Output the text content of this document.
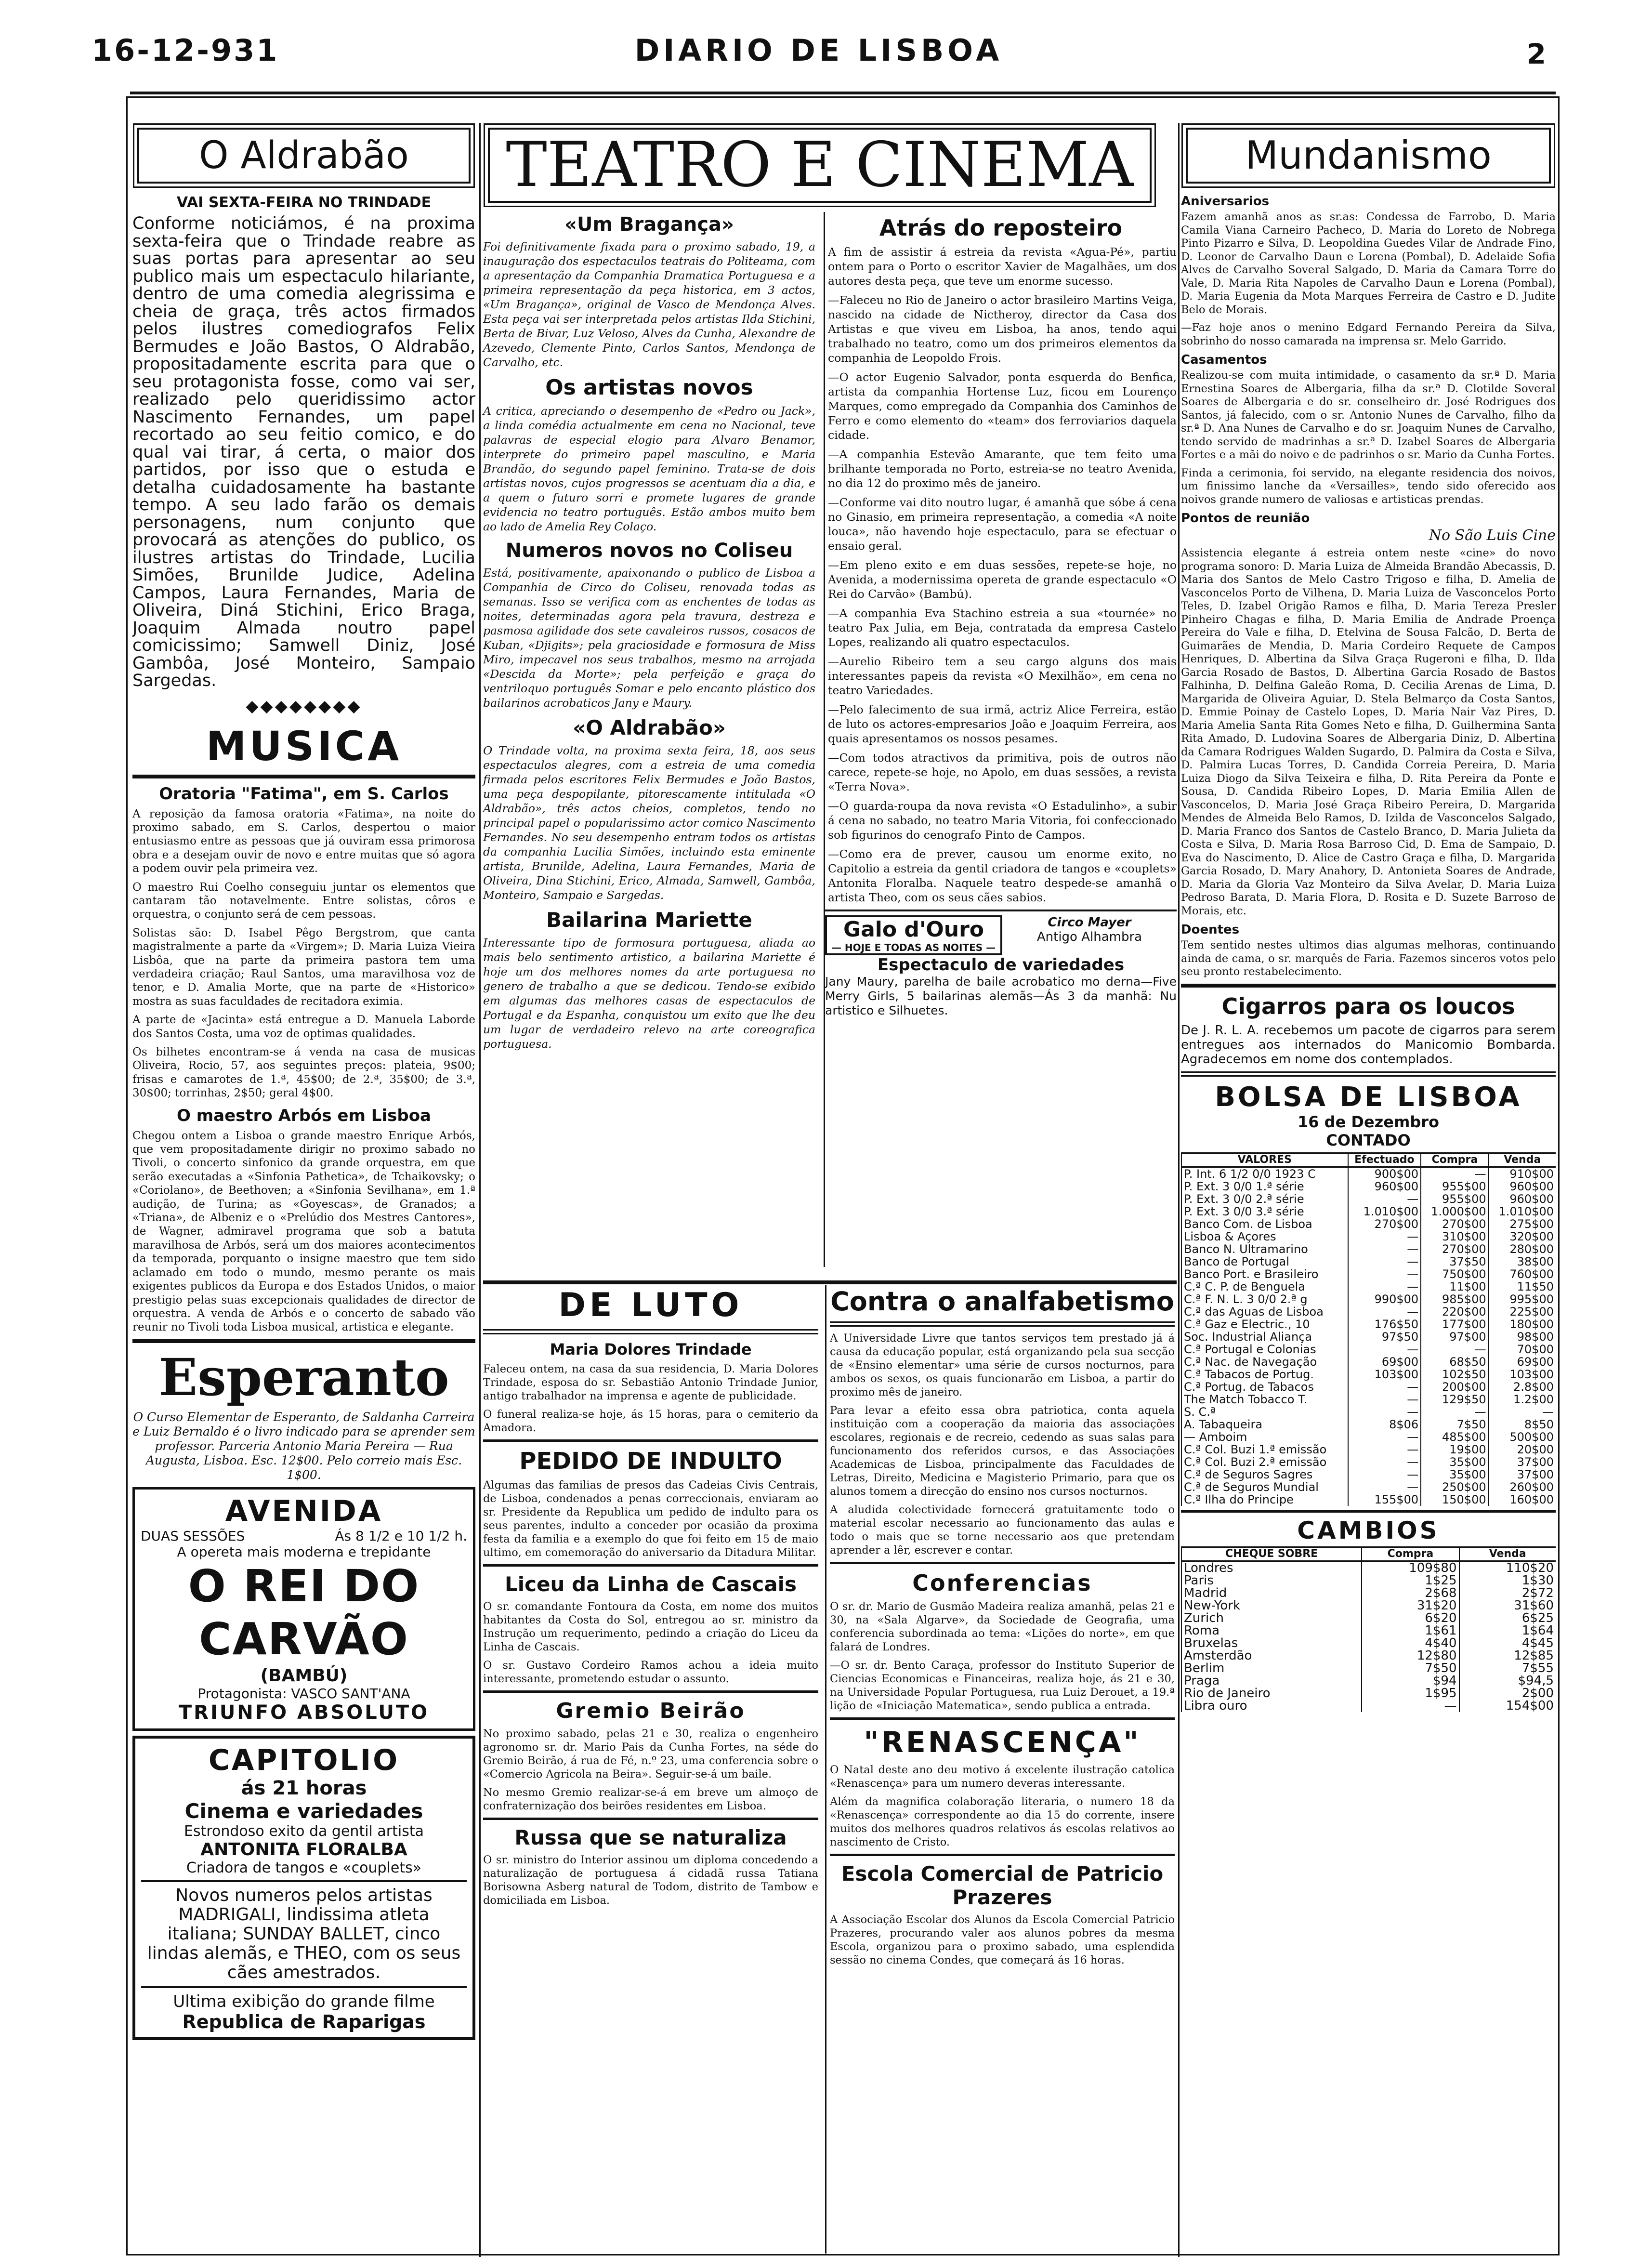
16-12-931	DIARIO DE LISBOA	2
O Aldrabão
VAI SEXTA-FEIRA NO TRINDADE

Conforme noticiámos, é na proxima sexta-feira que o Trindade reabre as suas portas para apresentar ao seu publico mais um espectaculo hilariante, dentro de uma comedia alegrissima e cheia de graça, três actos firmados pelos ilustres comediografos Felix Bermudes e João Bastos, O Aldrabão, propositadamente escrita para que o seu protagonista fosse, como vai ser, realizado pelo queridissimo actor Nascimento Fernandes, um papel recortado ao seu feitio comico, e do qual vai tirar, á certa, o maior dos partidos, por isso que o estuda e detalha cuidadosamente ha bastante tempo. A seu lado farão os demais personagens, num conjunto que provocará as atenções do publico, os ilustres artistas do Trindade, Lucilia Simões, Brunilde Judice, Adelina Campos, Laura Fernandes, Maria de Oliveira, Diná Stichini, Erico Braga, Joaquim Almada noutro papel comicissimo; Samwell Diniz, José Gambôa, José Monteiro, Sampaio Sargedas.

◆◆◆◆◆◆◆◆
MUSICA
Oratoria "Fatima", em S. Carlos

A reposição da famosa oratoria «Fatima», na noite do proximo sabado, em S. Carlos, despertou o maior entusiasmo entre as pessoas que já ouviram essa primorosa obra e a desejam ouvir de novo e entre muitas que só agora a podem ouvir pela primeira vez.

O maestro Rui Coelho conseguiu juntar os elementos que cantaram tão notavelmente. Entre solistas, côros e orquestra, o conjunto será de cem pessoas.

Solistas são: D. Isabel Pêgo Bergstrom, que canta magistralmente a parte da «Virgem»; D. Maria Luiza Vieira Lisbôa, que na parte da primeira pastora tem uma verdadeira criação; Raul Santos, uma maravilhosa voz de tenor, e D. Amalia Morte, que na parte de «Historico» mostra as suas faculdades de recitadora eximia.

A parte de «Jacinta» está entregue a D. Manuela Laborde dos Santos Costa, uma voz de optimas qualidades.

Os bilhetes encontram-se á venda na casa de musicas Oliveira, Rocio, 57, aos seguintes preços: plateia, 9$00; frisas e camarotes de 1.ª, 45$00; de 2.ª, 35$00; de 3.ª, 30$00; torrinhas, 2$50; geral 4$00.

O maestro Arbós em Lisboa

Chegou ontem a Lisboa o grande maestro Enrique Arbós, que vem propositadamente dirigir no proximo sabado no Tivoli, o concerto sinfonico da grande orquestra, em que serão executadas a «Sinfonia Pathetica», de Tchaikovsky; o «Coriolano», de Beethoven; a «Sinfonia Sevilhana», em 1.ª audição, de Turina; as «Goyescas», de Granados; a «Triana», de Albeniz e o «Prelúdio dos Mestres Cantores», de Wagner, admiravel programa que sob a batuta maravilhosa de Arbós, será um dos maiores acontecimentos da temporada, porquanto o insigne maestro que tem sido aclamado em todo o mundo, mesmo perante os mais exigentes publicos da Europa e dos Estados Unidos, o maior prestigio pelas suas excepcionais qualidades de director de orquestra. A venda de Arbós e o concerto de sabado vão reunir no Tivoli toda Lisboa musical, artistica e elegante.

Esperanto

O Curso Elementar de Esperanto, de Saldanha Carreira e Luiz Bernaldo é o livro indicado para se aprender sem professor. Parceria Antonio Maria Pereira — Rua Augusta, Lisboa. Esc. 12$00. Pelo correio mais Esc. 1$00.

AVENIDA
DUAS SESSÕES	Ás 8 1/2 e 10 1/2 h.
A opereta mais moderna e trepidante
O REI DO CARVÃO
(BAMBÚ)
Protagonista: VASCO SANT'ANA
TRIUNFO ABSOLUTO
CAPITOLIO
ás 21 horas
Cinema e variedades
Estrondoso exito da gentil artista
ANTONITA FLORALBA
Criadora de tangos e «couplets»
Novos numeros pelos artistas MADRIGALI, lindissima atleta italiana; SUNDAY BALLET, cinco lindas alemãs, e THEO, com os seus cães amestrados.
Ultima exibição do grande filme
Republica de Raparigas
TEATRO E CINEMA
«Um Bragança»

Foi definitivamente fixada para o proximo sabado, 19, a inauguração dos espectaculos teatrais do Politeama, com a apresentação da Companhia Dramatica Portuguesa e a primeira representação da peça historica, em 3 actos, «Um Bragança», original de Vasco de Mendonça Alves. Esta peça vai ser interpretada pelos artistas Ilda Stichini, Berta de Bivar, Luz Veloso, Alves da Cunha, Alexandre de Azevedo, Clemente Pinto, Carlos Santos, Mendonça de Carvalho, etc.

Os artistas novos

A critica, apreciando o desempenho de «Pedro ou Jack», a linda comédia actualmente em cena no Nacional, teve palavras de especial elogio para Alvaro Benamor, interprete do primeiro papel masculino, e Maria Brandão, do segundo papel feminino. Trata-se de dois artistas novos, cujos progressos se acentuam dia a dia, e a quem o futuro sorri e promete lugares de grande evidencia no teatro português. Estão ambos muito bem ao lado de Amelia Rey Colaço.

Numeros novos no Coliseu

Está, positivamente, apaixonando o publico de Lisboa a Companhia de Circo do Coliseu, renovada todas as semanas. Isso se verifica com as enchentes de todas as noites, determinadas agora pela travura, destreza e pasmosa agilidade dos sete cavaleiros russos, cosacos de Kuban, «Djigits»; pela graciosidade e formosura de Miss Miro, impecavel nos seus trabalhos, mesmo na arrojada «Descida da Morte»; pela perfeição e graça do ventriloquo português Somar e pelo encanto plástico dos bailarinos acrobaticos Jany e Maury.

«O Aldrabão»

O Trindade volta, na proxima sexta feira, 18, aos seus espectaculos alegres, com a estreia de uma comedia firmada pelos escritores Felix Bermudes e João Bastos, uma peça despopilante, pitorescamente intitulada «O Aldrabão», três actos cheios, completos, tendo no principal papel o popularissimo actor comico Nascimento Fernandes. No seu desempenho entram todos os artistas da companhia Lucilia Simões, incluindo esta eminente artista, Brunilde, Adelina, Laura Fernandes, Maria de Oliveira, Dina Stichini, Erico, Almada, Samwell, Gambôa, Monteiro, Sampaio e Sargedas.

Bailarina Mariette

Interessante tipo de formosura portuguesa, aliada ao mais belo sentimento artistico, a bailarina Mariette é hoje um dos melhores nomes da arte portuguesa no genero de trabalho a que se dedicou. Tendo-se exibido em algumas das melhores casas de espectaculos de Portugal e da Espanha, conquistou um exito que lhe deu um lugar de verdadeiro relevo na arte coreografica portuguesa.

Atrás do reposteiro

A fim de assistir á estreia da revista «Agua-Pé», partiu ontem para o Porto o escritor Xavier de Magalhães, um dos autores desta peça, que teve um enorme sucesso.

—Faleceu no Rio de Janeiro o actor brasileiro Martins Veiga, nascido na cidade de Nictheroy, director da Casa dos Artistas e que viveu em Lisboa, ha anos, tendo aqui trabalhado no teatro, como um dos primeiros elementos da companhia de Leopoldo Frois.

—O actor Eugenio Salvador, ponta esquerda do Benfica, artista da companhia Hortense Luz, ficou em Lourenço Marques, como empregado da Companhia dos Caminhos de Ferro e como elemento do «team» dos ferroviarios daquela cidade.

—A companhia Estevão Amarante, que tem feito uma brilhante temporada no Porto, estreia-se no teatro Avenida, no dia 12 do proximo mês de janeiro.

—Conforme vai dito noutro lugar, é amanhã que sóbe á cena no Ginasio, em primeira representação, a comedia «A noite louca», não havendo hoje espectaculo, para se efectuar o ensaio geral.

—Em pleno exito e em duas sessões, repete-se hoje, no Avenida, a modernissima opereta de grande espectaculo «O Rei do Carvão» (Bambú).

—A companhia Eva Stachino estreia a sua «tournée» no teatro Pax Julia, em Beja, contratada da empresa Castelo Lopes, realizando ali quatro espectaculos.

—Aurelio Ribeiro tem a seu cargo alguns dos mais interessantes papeis da revista «O Mexilhão», em cena no teatro Variedades.

—Pelo falecimento de sua irmã, actriz Alice Ferreira, estão de luto os actores-empresarios João e Joaquim Ferreira, aos quais apresentamos os nossos pesames.

—Com todos atractivos da primitiva, pois de outros não carece, repete-se hoje, no Apolo, em duas sessões, a revista «Terra Nova».

—O guarda-roupa da nova revista «O Estadulinho», a subir á cena no sabado, no teatro Maria Vitoria, foi confeccionado sob figurinos do cenografo Pinto de Campos.

—Como era de prever, causou um enorme exito, no Capitolio a estreia da gentil criadora de tangos e «couplets» Antonita Floralba. Naquele teatro despede-se amanhã o artista Theo, com os seus cães sabios.

Galo d'Ouro
— HOJE E TODAS AS NOITES —
Circo Mayer
Antigo Alhambra
Espectaculo de variedades

Jany Maury, parelha de baile acrobatico mo derna—Five Merry Girls, 5 bailarinas alemãs—Ás 3 da manhã: Nu artistico e Silhuetes.

DE LUTO
Maria Dolores Trindade

Faleceu ontem, na casa da sua residencia, D. Maria Dolores Trindade, esposa do sr. Sebastião Antonio Trindade Junior, antigo trabalhador na imprensa e agente de publicidade.

O funeral realiza-se hoje, ás 15 horas, para o cemiterio da Amadora.

PEDIDO DE INDULTO

Algumas das familias de presos das Cadeias Civis Centrais, de Lisboa, condenados a penas correccionais, enviaram ao sr. Presidente da Republica um pedido de indulto para os seus parentes, indulto a conceder por ocasião da proxima festa da familia e a exemplo do que foi feito em 15 de maio ultimo, em comemoração do aniversario da Ditadura Militar.

Liceu da Linha de Cascais

O sr. comandante Fontoura da Costa, em nome dos muitos habitantes da Costa do Sol, entregou ao sr. ministro da Instrução um requerimento, pedindo a criação do Liceu da Linha de Cascais.

O sr. Gustavo Cordeiro Ramos achou a ideia muito interessante, prometendo estudar o assunto.

Gremio Beirão

No proximo sabado, pelas 21 e 30, realiza o engenheiro agronomo sr. dr. Mario Pais da Cunha Fortes, na séde do Gremio Beirão, á rua de Fé, n.º 23, uma conferencia sobre o «Comercio Agricola na Beira». Seguir-se-á um baile.

No mesmo Gremio realizar-se-á em breve um almoço de confraternização dos beirões residentes em Lisboa.

Russa que se naturaliza

O sr. ministro do Interior assinou um diploma concedendo a naturalização de portuguesa á cidadã russa Tatiana Borisowna Asberg natural de Todom, distrito de Tambow e domiciliada em Lisboa.

Contra o analfabetismo

A Universidade Livre que tantos serviços tem prestado já á causa da educação popular, está organizando pela sua secção de «Ensino elementar» uma série de cursos nocturnos, para ambos os sexos, os quais funcionarão em Lisboa, a partir do proximo mês de janeiro.

Para levar a efeito essa obra patriotica, conta aquela instituição com a cooperação da maioria das associações escolares, regionais e de recreio, cedendo as suas salas para funcionamento dos referidos cursos, e das Associações Academicas de Lisboa, principalmente das Faculdades de Letras, Direito, Medicina e Magisterio Primario, para que os alunos tomem a direcção do ensino nos cursos nocturnos.

A aludida colectividade fornecerá gratuitamente todo o material escolar necessario ao funcionamento das aulas e todo o mais que se torne necessario aos que pretendam aprender a lêr, escrever e contar.

Conferencias

O sr. dr. Mario de Gusmão Madeira realiza amanhã, pelas 21 e 30, na «Sala Algarve», da Sociedade de Geografia, uma conferencia subordinada ao tema: «Lições do norte», em que falará de Londres.

—O sr. dr. Bento Caraça, professor do Instituto Superior de Ciencias Economicas e Financeiras, realiza hoje, ás 21 e 30, na Universidade Popular Portuguesa, rua Luiz Derouet, a 19.ª lição de «Iniciação Matematica», sendo publica a entrada.

"RENASCENÇA"

O Natal deste ano deu motivo á excelente ilustração catolica «Renascença» para um numero deveras interessante.

Além da magnifica colaboração literaria, o numero 18 da «Renascença» correspondente ao dia 15 do corrente, insere muitos dos melhores quadros relativos ás escolas relativos ao nascimento de Cristo.

Escola Comercial de Patricio Prazeres

A Associação Escolar dos Alunos da Escola Comercial Patricio Prazeres, procurando valer aos alunos pobres da mesma Escola, organizou para o proximo sabado, uma esplendida sessão no cinema Condes, que começará ás 16 horas.

Mundanismo
Aniversarios

Fazem amanhã anos as sr.as: Condessa de Farrobo, D. Maria Camila Viana Carneiro Pacheco, D. Maria do Loreto de Nobrega Pinto Pizarro e Silva, D. Leopoldina Guedes Vilar de Andrade Fino, D. Leonor de Carvalho Daun e Lorena (Pombal), D. Adelaide Sofia Alves de Carvalho Soveral Salgado, D. Maria da Camara Torre do Vale, D. Maria Rita Napoles de Carvalho Daun e Lorena (Pombal), D. Maria Eugenia da Mota Marques Ferreira de Castro e D. Judite Belo de Morais.

—Faz hoje anos o menino Edgard Fernando Pereira da Silva, sobrinho do nosso camarada na imprensa sr. Melo Garrido.

Casamentos

Realizou-se com muita intimidade, o casamento da sr.ª D. Maria Ernestina Soares de Albergaria, filha da sr.ª D. Clotilde Soveral Soares de Albergaria e do sr. conselheiro dr. José Rodrigues dos Santos, já falecido, com o sr. Antonio Nunes de Carvalho, filho da sr.ª D. Ana Nunes de Carvalho e do sr. Joaquim Nunes de Carvalho, tendo servido de madrinhas a sr.ª D. Izabel Soares de Albergaria Fortes e a mãi do noivo e de padrinhos o sr. Mario da Cunha Fortes.

Finda a cerimonia, foi servido, na elegante residencia dos noivos, um finissimo lanche da «Versailles», tendo sido oferecido aos noivos grande numero de valiosas e artisticas prendas.

Pontos de reunião
No São Luis Cine

Assistencia elegante á estreia ontem neste «cine» do novo programa sonoro: D. Maria Luiza de Almeida Brandão Abecassis, D. Maria dos Santos de Melo Castro Trigoso e filha, D. Amelia de Vasconcelos Porto de Vilhena, D. Maria Luiza de Vasconcelos Porto Teles, D. Izabel Origão Ramos e filha, D. Maria Tereza Presler Pinheiro Chagas e filha, D. Maria Emilia de Andrade Proença Pereira do Vale e filha, D. Etelvina de Sousa Falcão, D. Berta de Guimarães de Mendia, D. Maria Cordeiro Requete de Campos Henriques, D. Albertina da Silva Graça Rugeroni e filha, D. Ilda Garcia Rosado de Bastos, D. Albertina Garcia Rosado de Bastos Falhinha, D. Delfina Galeão Roma, D. Cecilia Arenas de Lima, D. Margarida de Oliveira Aguiar, D. Stela Belmarço da Costa Santos, D. Emmie Poinay de Castelo Lopes, D. Maria Nair Vaz Pires, D. Maria Amelia Santa Rita Gomes Neto e filha, D. Guilhermina Santa Rita Amado, D. Ludovina Soares de Albergaria Diniz, D. Albertina da Camara Rodrigues Walden Sugardo, D. Palmira da Costa e Silva, D. Palmira Lucas Torres, D. Candida Correia Pereira, D. Maria Luiza Diogo da Silva Teixeira e filha, D. Rita Pereira da Ponte e Sousa, D. Candida Ribeiro Lopes, D. Maria Emilia Allen de Vasconcelos, D. Maria José Graça Ribeiro Pereira, D. Margarida Mendes de Almeida Belo Ramos, D. Izilda de Vasconcelos Salgado, D. Maria Franco dos Santos de Castelo Branco, D. Maria Julieta da Costa e Silva, D. Maria Rosa Barroso Cid, D. Ema de Sampaio, D. Eva do Nascimento, D. Alice de Castro Graça e filha, D. Margarida Garcia Rosado, D. Mary Anahory, D. Antonieta Soares de Andrade, D. Maria da Gloria Vaz Monteiro da Silva Avelar, D. Maria Luiza Pedroso Barata, D. Maria Flora, D. Rosita e D. Suzete Barroso de Morais, etc.

Doentes

Tem sentido nestes ultimos dias algumas melhoras, continuando ainda de cama, o sr. marquês de Faria. Fazemos sinceros votos pelo seu pronto restabelecimento.

Cigarros para os loucos

De J. R. L. A. recebemos um pacote de cigarros para serem entregues aos internados do Manicomio Bombarda. Agradecemos em nome dos contemplados.

BOLSA DE LISBOA
16 de Dezembro
CONTADO
VALORES	Efectuado	Compra	Venda
P. Int. 6 1/2 0/0 1923 C	900$00	—	910$00
P. Ext. 3 0/0 1.ª série	960$00	955$00	960$00
P. Ext. 3 0/0 2.ª série	—	955$00	960$00
P. Ext. 3 0/0 3.ª série	1.010$00	1.000$00	1.010$00
Banco Com. de Lisboa	270$00	270$00	275$00
Lisboa & Açores	—	310$00	320$00
Banco N. Ultramarino	—	270$00	280$00
Banco de Portugal	—	37$50	38$00
Banco Port. e Brasileiro	—	750$00	760$00
C.ª C. P. de Benguela	—	11$00	11$50
C.ª F. N. L. 3 0/0 2.ª g	990$00	985$00	995$00
C.ª das Aguas de Lisboa	—	220$00	225$00
C.ª Gaz e Electric., 10	176$50	177$00	180$00
Soc. Industrial Aliança	97$50	97$00	98$00
C.ª Portugal e Colonias	—	—	70$00
C.ª Nac. de Navegação	69$00	68$50	69$00
C.ª Tabacos de Portug.	103$00	102$50	103$00
C.ª Portug. de Tabacos	—	200$00	2.8$00
The Match Tobacco T.	—	129$50	1.2$00
S. C.ª	—	—	—
A. Tabaqueira	8$06	7$50	8$50
— Amboim	—	485$00	500$00
C.ª Col. Buzi 1.ª emissão	—	19$00	20$00
C.ª Col. Buzi 2.ª emissão	—	35$00	37$00
C.ª de Seguros Sagres	—	35$00	37$00
C.ª de Seguros Mundial	—	250$00	260$00
C.ª Ilha do Principe	155$00	150$00	160$00
CAMBIOS
CHEQUE SOBRE	Compra	Venda
Londres	109$80	110$20
Paris	1$25	1$30
Madrid	2$68	2$72
New-York	31$20	31$60
Zurich	6$20	6$25
Roma	1$61	1$64
Bruxelas	4$40	4$45
Amsterdão	12$80	12$85
Berlim	7$50	7$55
Praga	$94	$94,5
Rio de Janeiro	1$95	2$00
Libra ouro	—	154$00
